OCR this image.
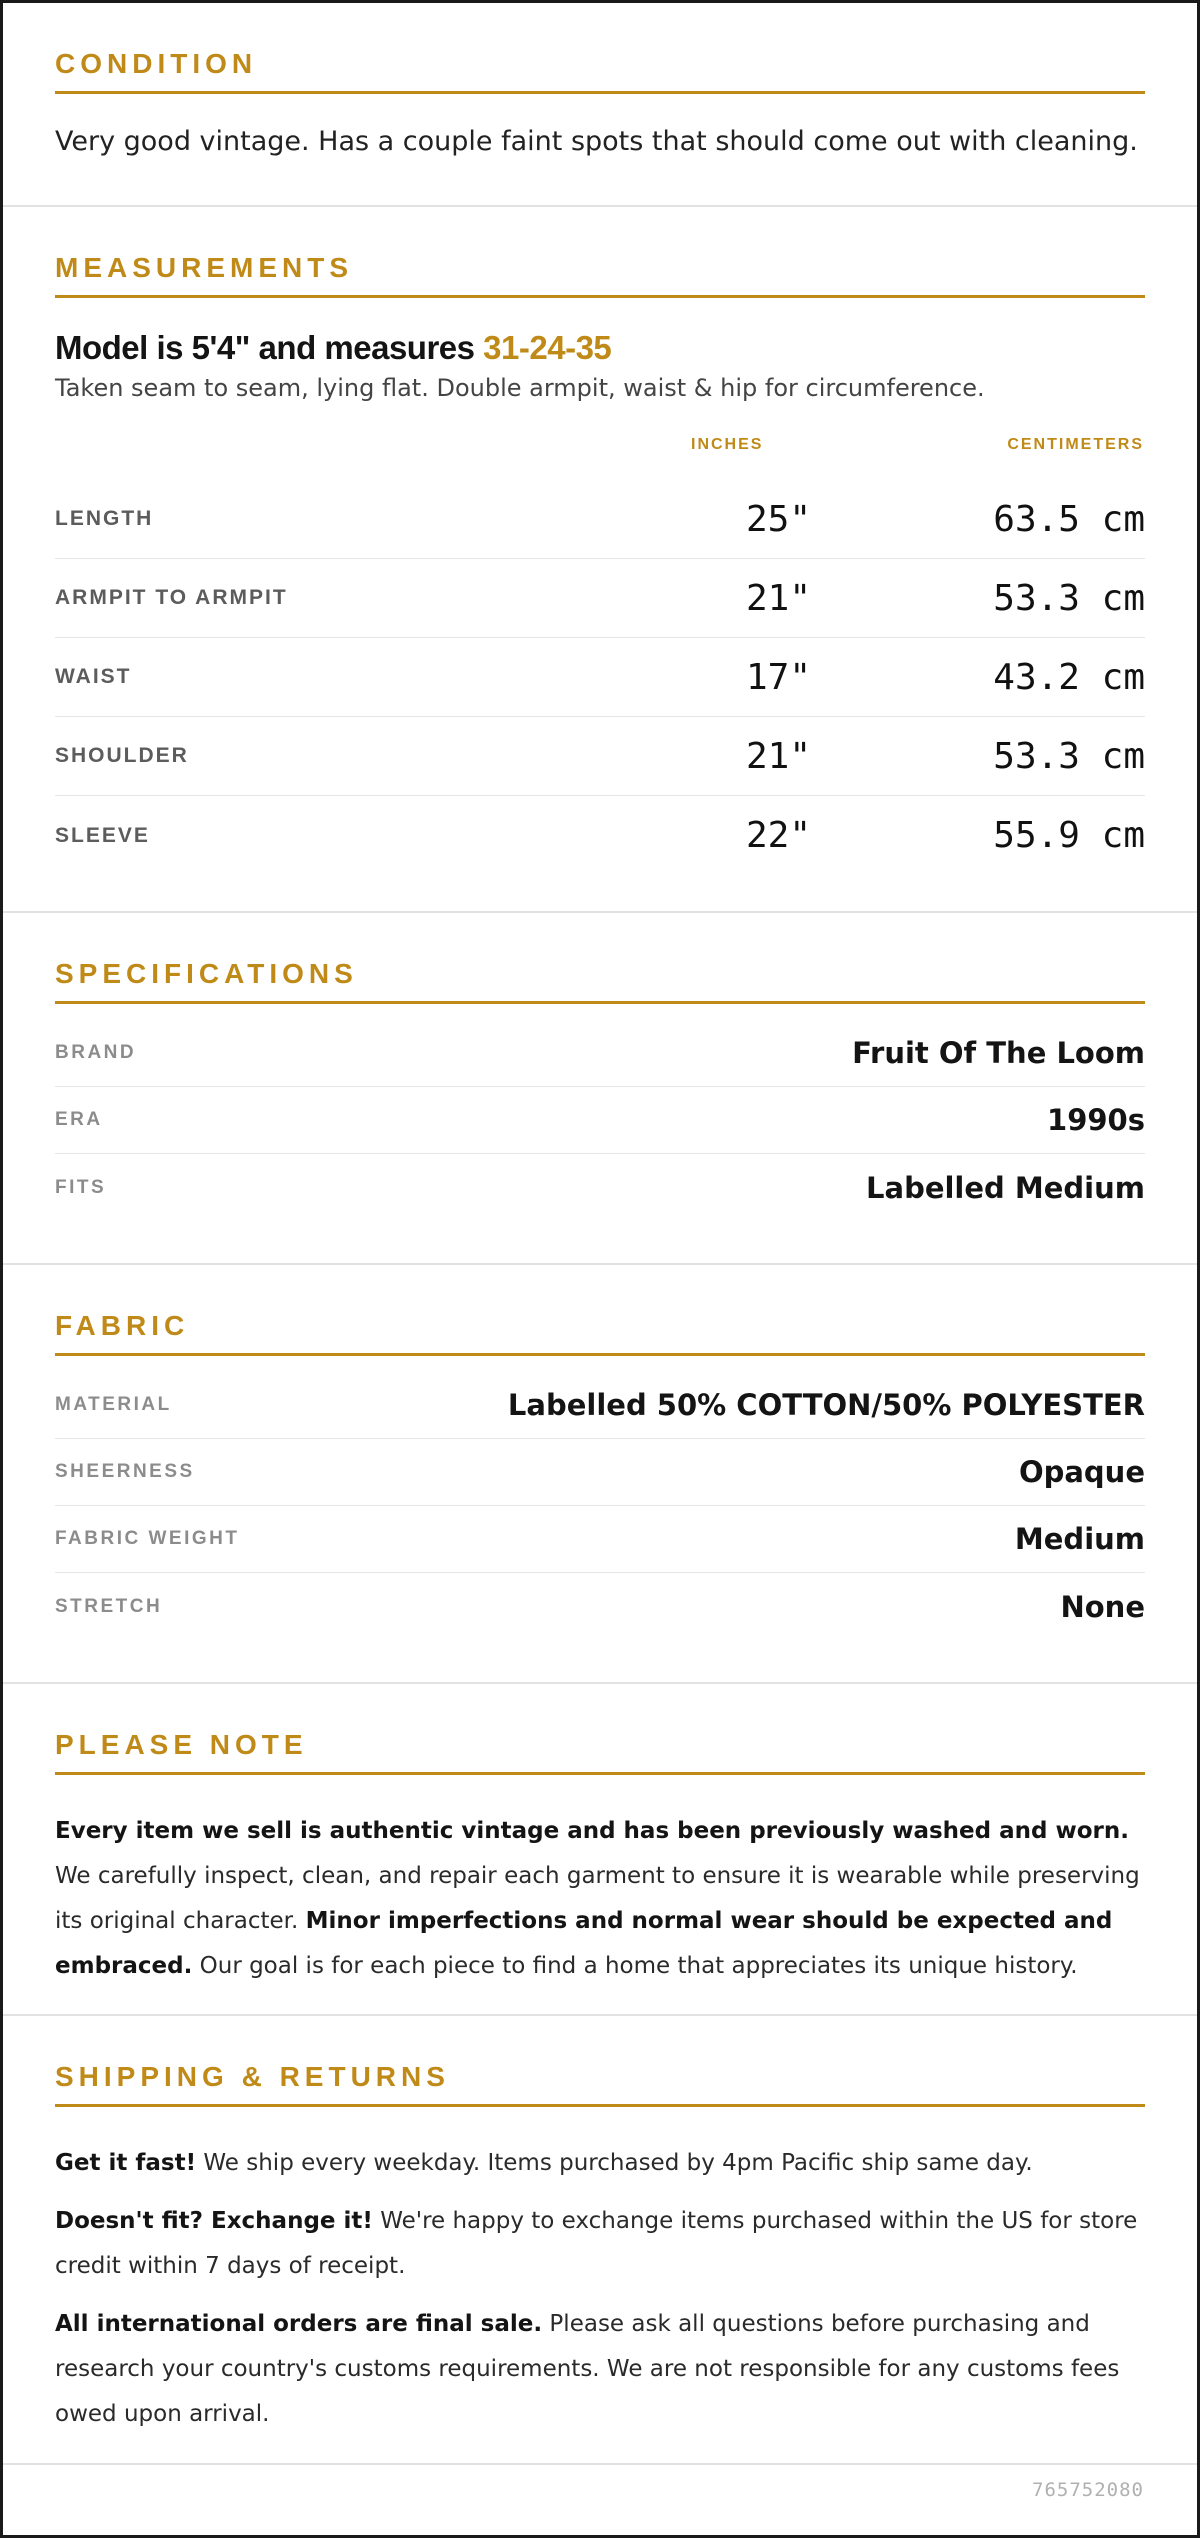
CONDITION

Very good vintage. Has a couple faint spots that should come out with cleaning.

MEASUREMENTS
Model is 5'4" and measures 31-24-35

Taken seam to seam, lying flat. Double armpit, waist & hip for circumference.

INCHES	CENTIMETERS
LENGTH	25"	63.5 cm
ARMPIT TO ARMPIT	21"	53.3 cm
WAIST	17"	43.2 cm
SHOULDER	21"	53.3 cm
SLEEVE	22"	55.9 cm
SPECIFICATIONS
BRAND	Fruit Of The Loom
ERA	1990s
FITS	Labelled Medium
FABRIC
MATERIAL	Labelled 50% COTTON/50% POLYESTER
SHEERNESS	Opaque
FABRIC WEIGHT	Medium
STRETCH	None
PLEASE NOTE

Every item we sell is authentic vintage and has been previously washed and worn. We carefully inspect, clean, and repair each garment to ensure it is wearable while preserving its original character. Minor imperfections and normal wear should be expected and embraced. Our goal is for each piece to find a home that appreciates its unique history.

SHIPPING & RETURNS

Get it fast! We ship every weekday. Items purchased by 4pm Pacific ship same day.

Doesn't fit? Exchange it! We're happy to exchange items purchased within the US for store credit within 7 days of receipt.

All international orders are final sale. Please ask all questions before purchasing and research your country's customs requirements. We are not responsible for any customs fees owed upon arrival.

765752080
